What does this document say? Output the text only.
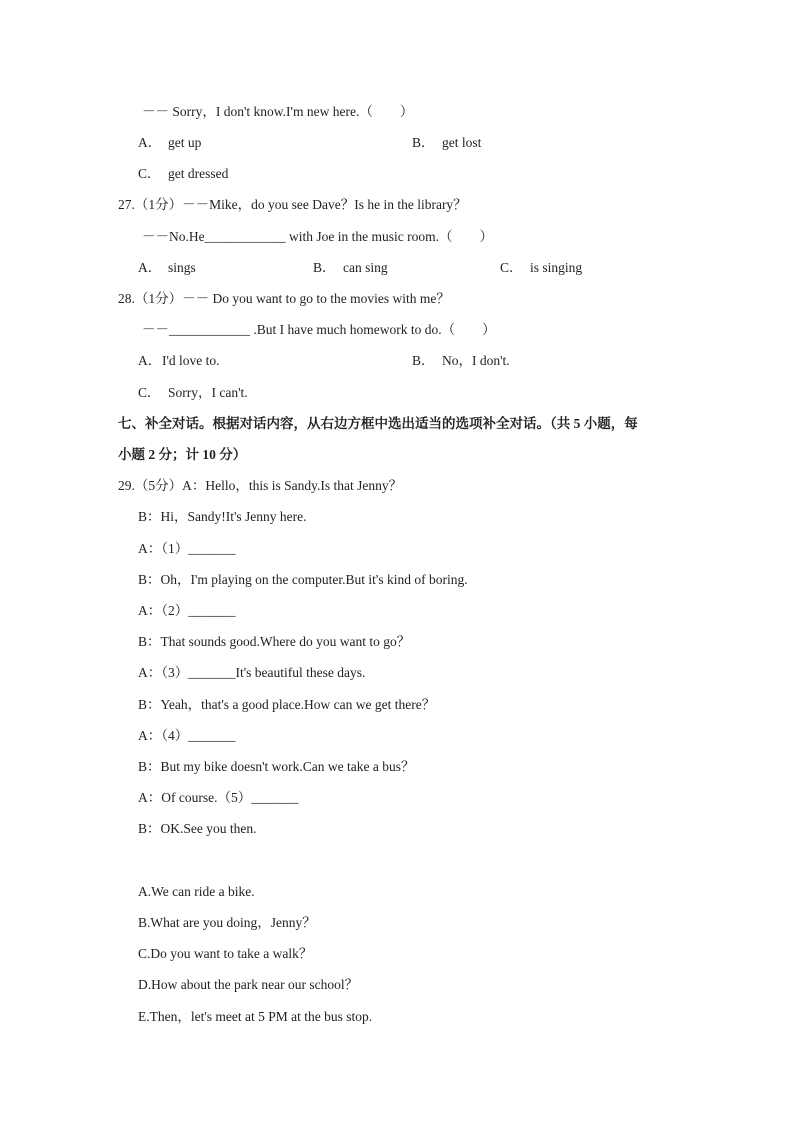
－－ Sorry，I don't know.I'm new here.（　　）
A． get up	B． get lost
C． get dressed
27.（1分）－－Mike，do you see Dave？Is he in the library？
－－No.He____________ with Joe in the music room.（　　）
A． sings	B． can sing	C． is singing
28.（1分）－－ Do you want to go to the movies with me？
－－____________ .But I have much homework to do.（　　）
A．I'd love to.	B． No，I don't.
C． Sorry，I can't.
七、补全对话。根据对话内容，从右边方框中选出适当的选项补全对话。（共 5 小题，每
小题 2 分；计 10 分）
29.（5分）A：Hello，this is Sandy.Is that Jenny？
B：Hi，Sandy!It's Jenny here.
A：（1）_______
B：Oh，I'm playing on the computer.But it's kind of boring.
A：（2）_______
B：That sounds good.Where do you want to go？
A：（3）_______It's beautiful these days.
B：Yeah，that's a good place.How can we get there？
A：（4）_______
B：But my bike doesn't work.Can we take a bus？
A：Of course.（5）_______
B：OK.See you then.
A.We can ride a bike.
B.What are you doing，Jenny？
C.Do you want to take a walk？
D.How about the park near our school？
E.Then，let's meet at 5 PM at the bus stop.
